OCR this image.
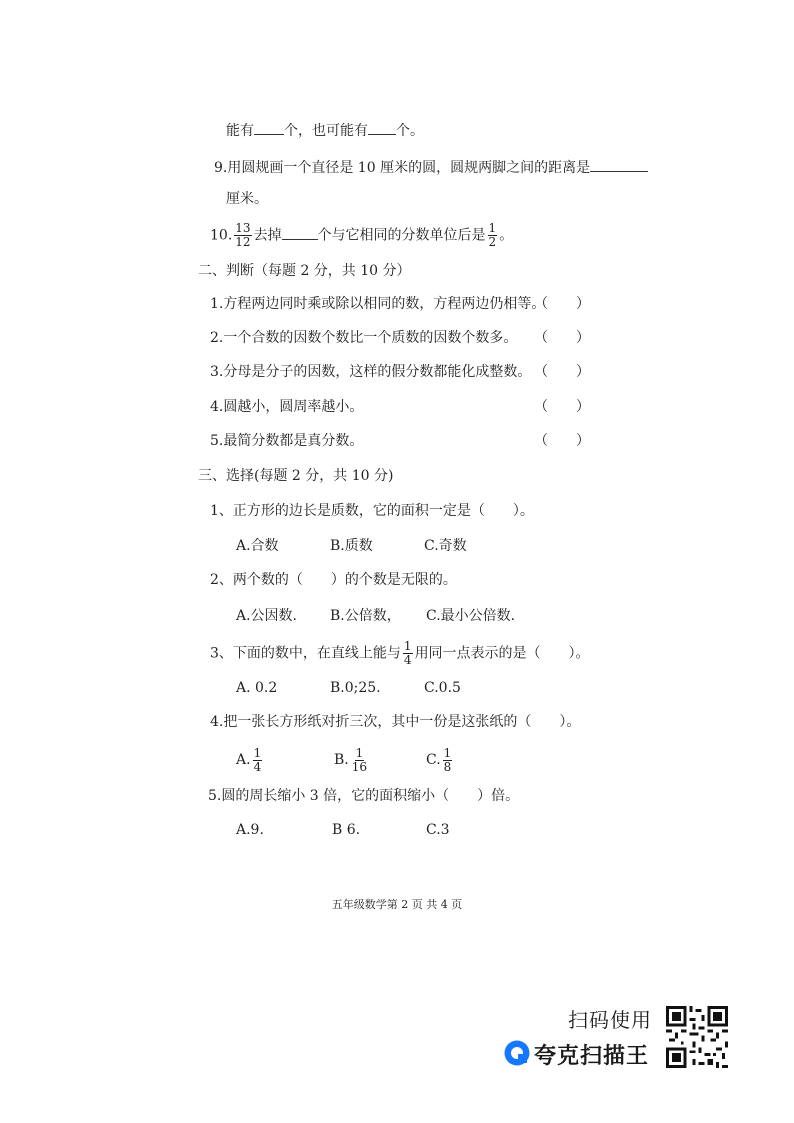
能有 个，也可能有 个。
9.用圆规画一个直径是 10 厘米的圆，圆规两脚之间的距离是
厘米。
10. $\frac{13}{12}$ 去掉	个与它相同的分数单位后是 $\frac{1}{2}$ 。
二、判断（每题 2 分，共 10 分）
1.方程两边同时乘或除以相同的数，方程两边仍相等。
（　　）
2.一个合数的因数个数比一个质数的因数个数多。 （　　）
3.分母是分子的因数，这样的假分数都能化成整数。 （　　）
4.圆越小，圆周率越小。	（　　）
5.最简分数都是真分数。	（　　）
三、选择(每题 2 分，共 10 分)
1、正方形的边长是质数，它的面积一定是（　　）。
A.合数	B.质数	C.奇数
2、两个数的（　　）的个数是无限的。
A.公因数. B.公倍数， C.最小公倍数.
3、下面的数中，在直线上能与 $\frac{1}{4}$ 用同一点表示的是（　　）。
A. 0.2	B.0;25.	C.0.5
4.把一张长方形纸对折三次，其中一份是这张纸的（　　）。
A. $\frac{1}{4}$	B. $\frac{1}{16}$	C. $\frac{1}{8}$
5.圆的周长缩小 3 倍，它的面积缩小（　　）倍。
A.9.	B 6.	C.3
五年级数学第 2 页 共 4 页
扫码使用
夸克扫描王
